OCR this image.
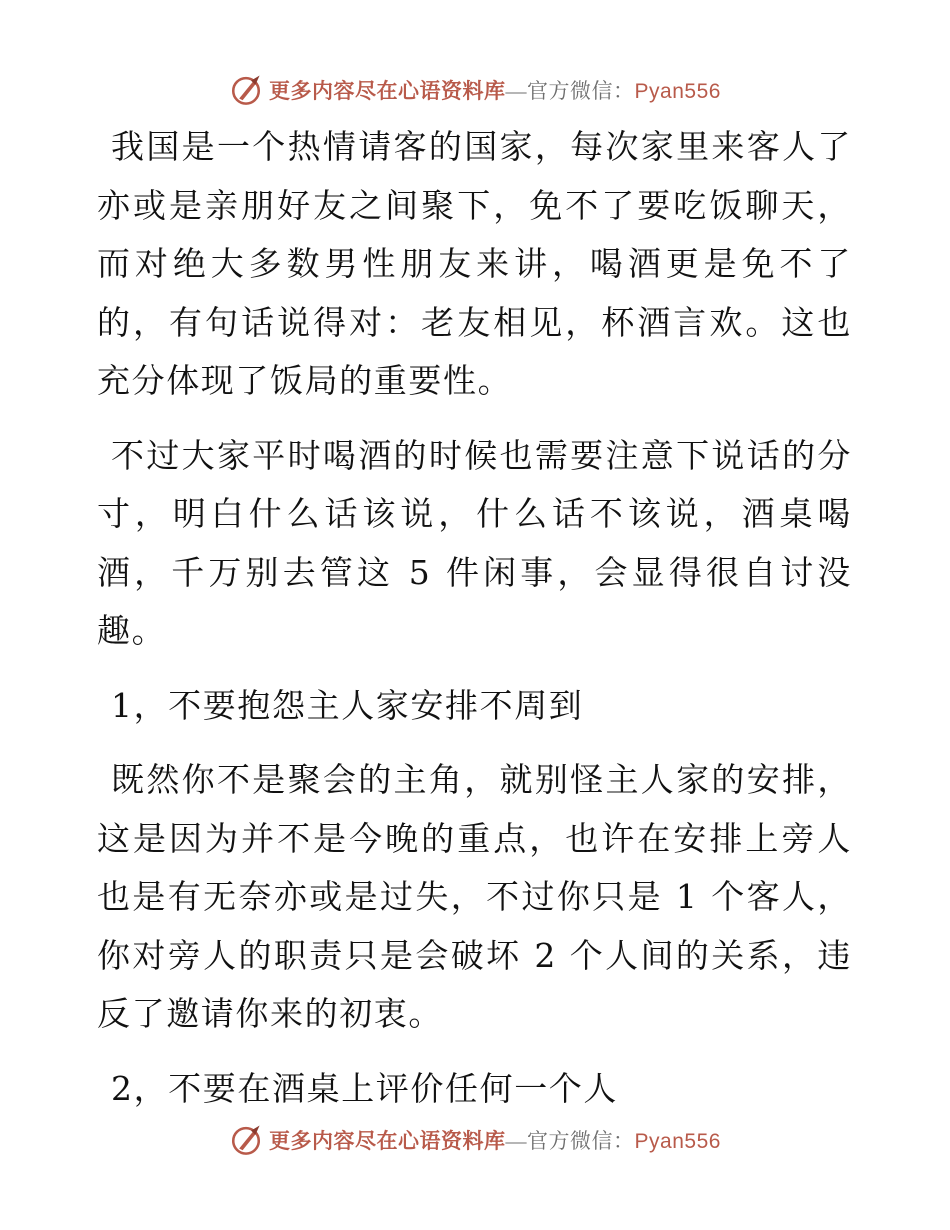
更多内容尽在心语资料库—官方微信：Pyan556

我国是一个热情请客的国家，每次家里来客人了亦或是亲朋好友之间聚下，免不了要吃饭聊天，而对绝大多数男性朋友来讲，喝酒更是免不了的，有句话说得对：老友相见，杯酒言欢。这也充分体现了饭局的重要性。

不过大家平时喝酒的时候也需要注意下说话的分寸，明白什么话该说，什么话不该说，酒桌喝酒，千万别去管这 5 件闲事，会显得很自讨没趣。

1，不要抱怨主人家安排不周到

既然你不是聚会的主角，就别怪主人家的安排，这是因为并不是今晚的重点，也许在安排上旁人也是有无奈亦或是过失，不过你只是 1 个客人，你对旁人的职责只是会破坏 2 个人间的关系，违反了邀请你来的初衷。

2，不要在酒桌上评价任何一个人

更多内容尽在心语资料库—官方微信：Pyan556
